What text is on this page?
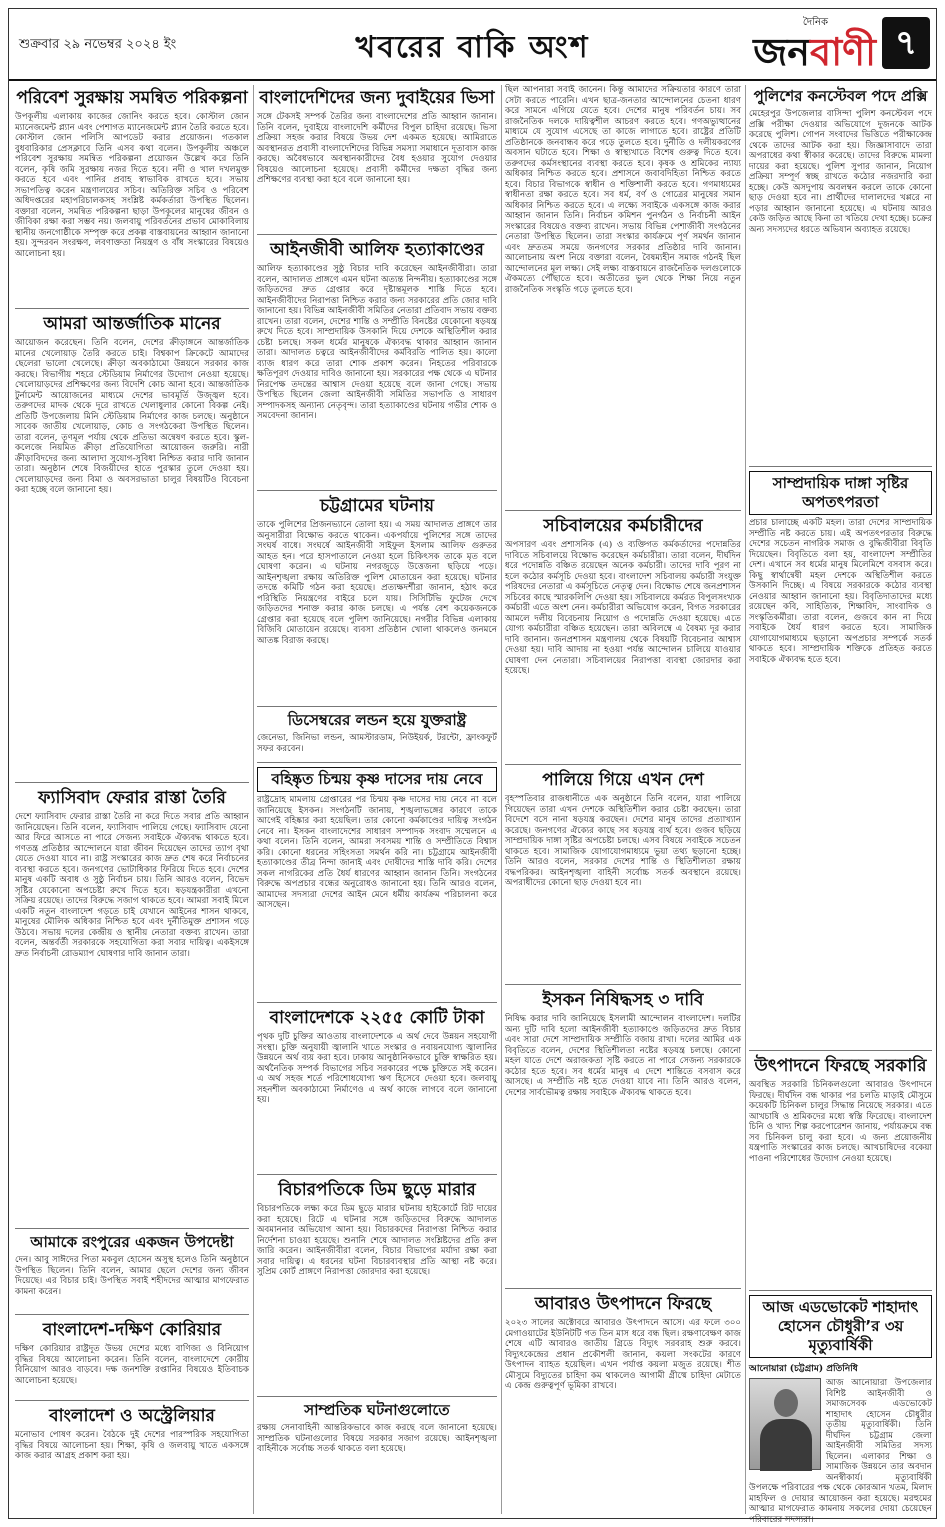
শুক্রবার ২৯ নভেম্বর ২০২৪ ইং	খবরের বাকি অংশ
দৈনিক
জনবাণী ৭
পরিবেশ সুরক্ষায় সমন্বিত পরিকল্পনা
উপকূলীয় এলাকায় কাজের জোনিং করতে হবে। কোস্টাল জোন ম্যানেজমেন্ট প্ল্যান এবং পেশাগত ম্যানেজমেন্ট প্ল্যান তৈরি করতে হবে। কোস্টাল জোন পলিসি আপডেট করার প্রয়োজন। গতকাল বুধবারিকার প্রেসক্লাবে তিনি এসব কথা বলেন। উপকূলীয় অঞ্চলে পরিবেশ সুরক্ষায় সমন্বিত পরিকল্পনা প্রয়োজন উল্লেখ করে তিনি বলেন, কৃষি জমি সুরক্ষায় নজর দিতে হবে। নদী ও খাল দখলমুক্ত করতে হবে এবং পানির প্রবাহ স্বাভাবিক রাখতে হবে। সভায় সভাপতিত্ব করেন মন্ত্রণালয়ের সচিব। অতিরিক্ত সচিব ও পরিবেশ অধিদপ্তরের মহাপরিচালকসহ সংশ্লিষ্ট কর্মকর্তারা উপস্থিত ছিলেন। বক্তারা বলেন, সমন্বিত পরিকল্পনা ছাড়া উপকূলের মানুষের জীবন ও জীবিকা রক্ষা করা সম্ভব নয়। জলবায়ু পরিবর্তনের প্রভাব মোকাবিলায় স্থানীয় জনগোষ্ঠীকে সম্পৃক্ত করে প্রকল্প বাস্তবায়নের আহ্বান জানানো হয়। সুন্দরবন সংরক্ষণ, লবণাক্ততা নিয়ন্ত্রণ ও বাঁধ সংস্কারের বিষয়েও আলোচনা হয়।
আমরা আন্তর্জাতিক মানের
আয়োজন করেছেন। তিনি বলেন, দেশের ক্রীড়াঙ্গনে আন্তর্জাতিক মানের খেলোয়াড় তৈরি করতে চাই। বিশ্বকাপ ক্রিকেটে আমাদের ছেলেরা ভালো খেলেছে। ক্রীড়া অবকাঠামো উন্নয়নে সরকার কাজ করছে। বিভাগীয় শহরে স্টেডিয়াম নির্মাণের উদ্যোগ নেওয়া হয়েছে। খেলোয়াড়দের প্রশিক্ষণের জন্য বিদেশি কোচ আনা হবে। আন্তর্জাতিক টুর্নামেন্ট আয়োজনের মাধ্যমে দেশের ভাবমূর্তি উজ্জ্বল হবে। তরুণদের মাদক থেকে দূরে রাখতে খেলাধুলার কোনো বিকল্প নেই। প্রতিটি উপজেলায় মিনি স্টেডিয়াম নির্মাণের কাজ চলছে। অনুষ্ঠানে সাবেক জাতীয় খেলোয়াড়, কোচ ও সংগঠকেরা উপস্থিত ছিলেন। তারা বলেন, তৃণমূল পর্যায় থেকে প্রতিভা অন্বেষণ করতে হবে। স্কুল-কলেজে নিয়মিত ক্রীড়া প্রতিযোগিতা আয়োজন জরুরি। নারী ক্রীড়াবিদদের জন্য আলাদা সুযোগ-সুবিধা নিশ্চিত করার দাবি জানান তারা। অনুষ্ঠান শেষে বিজয়ীদের হাতে পুরস্কার তুলে দেওয়া হয়। খেলোয়াড়দের জন্য বিমা ও অবসরভাতা চালুর বিষয়টিও বিবেচনা করা হচ্ছে বলে জানানো হয়।
ফ্যাসিবাদ ফেরার রাস্তা তৈরি
দেশে ফ্যাসিবাদ ফেরার রাস্তা তৈরি না করে দিতে সবার প্রতি আহ্বান জানিয়েছেন। তিনি বলেন, ফ্যাসিবাদ পালিয়ে গেছে। ফ্যাসিবাদ যেনো আর ফিরে আসতে না পারে সেজন্য সবাইকে ঐক্যবদ্ধ থাকতে হবে। গণতন্ত্র প্রতিষ্ঠার আন্দোলনে যারা জীবন দিয়েছেন তাদের ত্যাগ বৃথা যেতে দেওয়া যাবে না। রাষ্ট্র সংস্কারের কাজ দ্রুত শেষ করে নির্বাচনের ব্যবস্থা করতে হবে। জনগণের ভোটাধিকার ফিরিয়ে দিতে হবে। দেশের মানুষ একটি অবাধ ও সুষ্ঠু নির্বাচন চায়। তিনি আরও বলেন, বিভেদ সৃষ্টির যেকোনো অপচেষ্টা রুখে দিতে হবে। ষড়যন্ত্রকারীরা এখনো সক্রিয় রয়েছে। তাদের বিরুদ্ধে সজাগ থাকতে হবে। আমরা সবাই মিলে একটি নতুন বাংলাদেশ গড়তে চাই যেখানে আইনের শাসন থাকবে, মানুষের মৌলিক অধিকার নিশ্চিত হবে এবং দুর্নীতিমুক্ত প্রশাসন গড়ে উঠবে। সভায় দলের কেন্দ্রীয় ও স্থানীয় নেতারা বক্তব্য রাখেন। তারা বলেন, অন্তর্বর্তী সরকারকে সহযোগিতা করা সবার দায়িত্ব। একইসঙ্গে দ্রুত নির্বাচনী রোডম্যাপ ঘোষণার দাবি জানান তারা।
আমাকে রংপুরের একজন উপদেষ্টা
দেন। আবু সাঈদের পিতা মকবুল হোসেন অসুস্থ হলেও তিনি অনুষ্ঠানে উপস্থিত ছিলেন। তিনি বলেন, আমার ছেলে দেশের জন্য জীবন দিয়েছে। এর বিচার চাই। উপস্থিত সবাই শহীদদের আত্মার মাগফেরাত কামনা করেন।
বাংলাদেশ-দক্ষিণ কোরিয়ার
দক্ষিণ কোরিয়ার রাষ্ট্রদূত উভয় দেশের মধ্যে বাণিজ্য ও বিনিয়োগ বৃদ্ধির বিষয়ে আলোচনা করেন। তিনি বলেন, বাংলাদেশে কোরীয় বিনিয়োগ আরও বাড়বে। দক্ষ জনশক্তি রপ্তানির বিষয়েও ইতিবাচক আলোচনা হয়েছে।
বাংলাদেশ ও অস্ট্রেলিয়ার
মনোভাব পোষণ করেন। বৈঠকে দুই দেশের পারস্পরিক সহযোগিতা বৃদ্ধির বিষয়ে আলোচনা হয়। শিক্ষা, কৃষি ও জলবায়ু খাতে একসঙ্গে কাজ করার আগ্রহ প্রকাশ করা হয়।
বাংলাদেশিদের জন্য দুবাইয়ের ভিসা
সঙ্গে টেকসই সম্পর্ক তৈরির জন্য বাংলাদেশের প্রতি আহ্বান জানান। তিনি বলেন, দুবাইয়ে বাংলাদেশি কর্মীদের বিপুল চাহিদা রয়েছে। ভিসা প্রক্রিয়া সহজ করার বিষয়ে উভয় দেশ একমত হয়েছে। আমিরাতে অবস্থানরত প্রবাসী বাংলাদেশিদের বিভিন্ন সমস্যা সমাধানে দূতাবাস কাজ করছে। অবৈধভাবে অবস্থানকারীদের বৈধ হওয়ার সুযোগ দেওয়ার বিষয়েও আলোচনা হয়েছে। প্রবাসী কর্মীদের দক্ষতা বৃদ্ধির জন্য প্রশিক্ষণের ব্যবস্থা করা হবে বলে জানানো হয়।
আইনজীবী আলিফ হত্যাকাণ্ডের
আলিফ হত্যাকাণ্ডের সুষ্ঠু বিচার দাবি করেছেন আইনজীবীরা। তারা বলেন, আদালত প্রাঙ্গণে এমন ঘটনা অত্যন্ত নিন্দনীয়। হত্যাকাণ্ডের সঙ্গে জড়িতদের দ্রুত গ্রেপ্তার করে দৃষ্টান্তমূলক শাস্তি দিতে হবে। আইনজীবীদের নিরাপত্তা নিশ্চিত করার জন্য সরকারের প্রতি জোর দাবি জানানো হয়। বিভিন্ন আইনজীবী সমিতির নেতারা প্রতিবাদ সভায় বক্তব্য রাখেন। তারা বলেন, দেশের শান্তি ও সম্প্রীতি বিনষ্টের যেকোনো ষড়যন্ত্র রুখে দিতে হবে। সাম্প্রদায়িক উসকানি দিয়ে দেশকে অস্থিতিশীল করার চেষ্টা চলছে। সকল ধর্মের মানুষকে ঐক্যবদ্ধ থাকার আহ্বান জানান তারা। আদালত চত্বরে আইনজীবীদের কর্মবিরতি পালিত হয়। কালো ব্যাজ ধারণ করে তারা শোক প্রকাশ করেন। নিহতের পরিবারকে ক্ষতিপূরণ দেওয়ার দাবিও জানানো হয়। সরকারের পক্ষ থেকে এ ঘটনার নিরপেক্ষ তদন্তের আশ্বাস দেওয়া হয়েছে বলে জানা গেছে। সভায় উপস্থিত ছিলেন জেলা আইনজীবী সমিতির সভাপতি ও সাধারণ সম্পাদকসহ অন্যান্য নেতৃবৃন্দ। তারা হত্যাকাণ্ডের ঘটনায় গভীর শোক ও সমবেদনা জানান।
চট্টগ্রামের ঘটনায়
তাকে পুলিশের প্রিজনভ্যানে তোলা হয়। এ সময় আদালত প্রাঙ্গণে তার অনুসারীরা বিক্ষোভ করতে থাকেন। একপর্যায়ে পুলিশের সঙ্গে তাদের সংঘর্ষ বাধে। সংঘর্ষে আইনজীবী সাইফুল ইসলাম আলিফ গুরুতর আহত হন। পরে হাসপাতালে নেওয়া হলে চিকিৎসক তাকে মৃত বলে ঘোষণা করেন। এ ঘটনায় নগরজুড়ে উত্তেজনা ছড়িয়ে পড়ে। আইনশৃঙ্খলা রক্ষায় অতিরিক্ত পুলিশ মোতায়েন করা হয়েছে। ঘটনার তদন্তে কমিটি গঠন করা হয়েছে। প্রত্যক্ষদর্শীরা জানান, হঠাৎ করে পরিস্থিতি নিয়ন্ত্রণের বাইরে চলে যায়। সিসিটিভি ফুটেজ দেখে জড়িতদের শনাক্ত করার কাজ চলছে। এ পর্যন্ত বেশ কয়েকজনকে গ্রেপ্তার করা হয়েছে বলে পুলিশ জানিয়েছে। নগরীর বিভিন্ন এলাকায় বিজিবি মোতায়েন রয়েছে। ব্যবসা প্রতিষ্ঠান খোলা থাকলেও জনমনে আতঙ্ক বিরাজ করছে।
ডিসেম্বরের লন্ডন হয়ে যুক্তরাষ্ট্র
জেনেভা, জিনিভা লন্ডন, আমস্টারডাম, নিউইয়র্ক, টরন্টো, ফ্রাংকফুর্ট সফর করবেন।
বহিষ্কৃত চিন্ময় কৃষ্ণ দাসের দায় নেবে
রাষ্ট্রদ্রোহ মামলায় গ্রেপ্তারের পর চিন্ময় কৃষ্ণ দাসের দায় নেবে না বলে জানিয়েছে ইসকন। সংগঠনটি জানায়, শৃঙ্খলাভঙ্গের কারণে তাকে আগেই বহিষ্কার করা হয়েছিল। তার কোনো কর্মকাণ্ডের দায়িত্ব সংগঠন নেবে না। ইসকন বাংলাদেশের সাধারণ সম্পাদক সংবাদ সম্মেলনে এ কথা বলেন। তিনি বলেন, আমরা সবসময় শান্তি ও সম্প্রীতিতে বিশ্বাস করি। কোনো ধরনের সহিংসতা সমর্থন করি না। চট্টগ্রামে আইনজীবী হত্যাকাণ্ডের তীব্র নিন্দা জানাই এবং দোষীদের শাস্তি দাবি করি। দেশের সকল নাগরিকের প্রতি ধৈর্য ধারণের আহ্বান জানান তিনি। সংগঠনের বিরুদ্ধে অপপ্রচার বন্ধের অনুরোধও জানানো হয়। তিনি আরও বলেন, আমাদের সদস্যরা দেশের আইন মেনে ধর্মীয় কার্যক্রম পরিচালনা করে আসছেন।
বাংলাদেশকে ২২৫৫ কোটি টাকা
পৃথক দুটি চুক্তির আওতায় বাংলাদেশকে এ অর্থ দেবে উন্নয়ন সহযোগী সংস্থা। চুক্তি অনুযায়ী জ্বালানি খাতে সংস্কার ও নবায়নযোগ্য জ্বালানির উন্নয়নে অর্থ ব্যয় করা হবে। ঢাকায় আনুষ্ঠানিকভাবে চুক্তি স্বাক্ষরিত হয়। অর্থনৈতিক সম্পর্ক বিভাগের সচিব সরকারের পক্ষে চুক্তিতে সই করেন। এ অর্থ সহজ শর্তে পরিশোধযোগ্য ঋণ হিসেবে দেওয়া হবে। জলবায়ু সহনশীল অবকাঠামো নির্মাণেও এ অর্থ কাজে লাগবে বলে জানানো হয়।
বিচারপতিকে ডিম ছুড়ে মারার
বিচারপতিকে লক্ষ্য করে ডিম ছুড়ে মারার ঘটনায় হাইকোর্টে রিট দায়ের করা হয়েছে। রিটে এ ঘটনার সঙ্গে জড়িতদের বিরুদ্ধে আদালত অবমাননার অভিযোগ আনা হয়। বিচারকদের নিরাপত্তা নিশ্চিত করার নির্দেশনা চাওয়া হয়েছে। শুনানি শেষে আদালত সংশ্লিষ্টদের প্রতি রুল জারি করেন। আইনজীবীরা বলেন, বিচার বিভাগের মর্যাদা রক্ষা করা সবার দায়িত্ব। এ ধরনের ঘটনা বিচারব্যবস্থার প্রতি আস্থা নষ্ট করে। সুপ্রিম কোর্ট প্রাঙ্গণে নিরাপত্তা জোরদার করা হয়েছে।
সাম্প্রতিক ঘটনাগুলোতে
রক্ষায় সেনাবাহিনী আন্তরিকভাবে কাজ করছে বলে জানানো হয়েছে। সাম্প্রতিক ঘটনাগুলোর বিষয়ে সরকার সজাগ রয়েছে। আইনশৃঙ্খলা বাহিনীকে সর্বোচ্চ সতর্ক থাকতে বলা হয়েছে।
ছিল আপনারা সবাই জানেন। কিন্তু আমাদের সক্রিয়তার কারণে তারা সেটা করতে পারেনি। এখন ছাত্র-জনতার আন্দোলনের চেতনা ধারণ করে সামনে এগিয়ে যেতে হবে। দেশের মানুষ পরিবর্তন চায়। সব রাজনৈতিক দলকে দায়িত্বশীল আচরণ করতে হবে। গণঅভ্যুত্থানের মাধ্যমে যে সুযোগ এসেছে তা কাজে লাগাতে হবে। রাষ্ট্রের প্রতিটি প্রতিষ্ঠানকে জনবান্ধব করে গড়ে তুলতে হবে। দুর্নীতি ও দলীয়করণের অবসান ঘটাতে হবে। শিক্ষা ও স্বাস্থ্যখাতে বিশেষ গুরুত্ব দিতে হবে। তরুণদের কর্মসংস্থানের ব্যবস্থা করতে হবে। কৃষক ও শ্রমিকের ন্যায্য অধিকার নিশ্চিত করতে হবে। প্রশাসনে জবাবদিহিতা নিশ্চিত করতে হবে। বিচার বিভাগকে স্বাধীন ও শক্তিশালী করতে হবে। গণমাধ্যমের স্বাধীনতা রক্ষা করতে হবে। সব ধর্ম, বর্ণ ও গোত্রের মানুষের সমান অধিকার নিশ্চিত করতে হবে। এ লক্ষ্যে সবাইকে একসঙ্গে কাজ করার আহ্বান জানান তিনি। নির্বাচন কমিশন পুনর্গঠন ও নির্বাচনী আইন সংস্কারের বিষয়েও বক্তব্য রাখেন। সভায় বিভিন্ন পেশাজীবী সংগঠনের নেতারা উপস্থিত ছিলেন। তারা সংস্কার কার্যক্রমে পূর্ণ সমর্থন জানান এবং দ্রুততম সময়ে জনগণের সরকার প্রতিষ্ঠার দাবি জানান। আলোচনায় অংশ নিয়ে বক্তারা বলেন, বৈষম্যহীন সমাজ গঠনই ছিল আন্দোলনের মূল লক্ষ্য। সেই লক্ষ্য বাস্তবায়নে রাজনৈতিক দলগুলোকে ঐকমত্যে পৌঁছাতে হবে। অতীতের ভুল থেকে শিক্ষা নিয়ে নতুন রাজনৈতিক সংস্কৃতি গড়ে তুলতে হবে।
সচিবালয়ের কর্মচারীদের
অপসারণ এবং প্রশাসনিক (এ) ও ব্যক্তিগত কর্মকর্তাদের পদোন্নতির দাবিতে সচিবালয়ে বিক্ষোভ করেছেন কর্মচারীরা। তারা বলেন, দীর্ঘদিন ধরে পদোন্নতি বঞ্চিত রয়েছেন অনেক কর্মচারী। তাদের দাবি পূরণ না হলে কঠোর কর্মসূচি দেওয়া হবে। বাংলাদেশ সচিবালয় কর্মচারী সংযুক্ত পরিষদের নেতারা এ কর্মসূচিতে নেতৃত্ব দেন। বিক্ষোভ শেষে জনপ্রশাসন সচিবের কাছে স্মারকলিপি দেওয়া হয়। সচিবালয়ে কর্মরত বিপুলসংখ্যক কর্মচারী এতে অংশ নেন। কর্মচারীরা অভিযোগ করেন, বিগত সরকারের আমলে দলীয় বিবেচনায় নিয়োগ ও পদোন্নতি দেওয়া হয়েছে। এতে যোগ্য কর্মচারীরা বঞ্চিত হয়েছেন। তারা অবিলম্বে এ বৈষম্য দূর করার দাবি জানান। জনপ্রশাসন মন্ত্রণালয় থেকে বিষয়টি বিবেচনার আশ্বাস দেওয়া হয়। দাবি আদায় না হওয়া পর্যন্ত আন্দোলন চালিয়ে যাওয়ার ঘোষণা দেন নেতারা। সচিবালয়ের নিরাপত্তা ব্যবস্থা জোরদার করা হয়েছে।
পালিয়ে গিয়ে এখন দেশ
বৃহস্পতিবার রাজধানীতে এক অনুষ্ঠানে তিনি বলেন, যারা পালিয়ে গিয়েছেন তারা এখন দেশকে অস্থিতিশীল করার চেষ্টা করছেন। তারা বিদেশে বসে নানা ষড়যন্ত্র করছেন। দেশের মানুষ তাদের প্রত্যাখ্যান করেছে। জনগণের ঐক্যের কাছে সব ষড়যন্ত্র ব্যর্থ হবে। গুজব ছড়িয়ে সাম্প্রদায়িক দাঙ্গা সৃষ্টির অপচেষ্টা চলছে। এসব বিষয়ে সবাইকে সচেতন থাকতে হবে। সামাজিক যোগাযোগমাধ্যমে ভুয়া তথ্য ছড়ানো হচ্ছে। তিনি আরও বলেন, সরকার দেশের শান্তি ও স্থিতিশীলতা রক্ষায় বদ্ধপরিকর। আইনশৃঙ্খলা বাহিনী সর্বোচ্চ সতর্ক অবস্থানে রয়েছে। অপরাধীদের কোনো ছাড় দেওয়া হবে না।
ইসকন নিষিদ্ধসহ ৩ দাবি
নিষিদ্ধ করার দাবি জানিয়েছে ইসলামী আন্দোলন বাংলাদেশ। দলটির অন্য দুটি দাবি হলো আইনজীবী হত্যাকাণ্ডে জড়িতদের দ্রুত বিচার এবং সারা দেশে সাম্প্রদায়িক সম্প্রীতি বজায় রাখা। দলের আমির এক বিবৃতিতে বলেন, দেশের স্থিতিশীলতা নষ্টের ষড়যন্ত্র চলছে। কোনো মহল যাতে দেশে অরাজকতা সৃষ্টি করতে না পারে সেজন্য সরকারকে কঠোর হতে হবে। সব ধর্মের মানুষ এ দেশে শান্তিতে বসবাস করে আসছে। এ সম্প্রীতি নষ্ট হতে দেওয়া যাবে না। তিনি আরও বলেন, দেশের সার্বভৌমত্ব রক্ষায় সবাইকে ঐক্যবদ্ধ থাকতে হবে।
আবারও উৎপাদনে ফিরছে
২০২৩ সালের অক্টোবরে আবারও উৎপাদনে আসে। এর ফলে ৩০০ মেগাওয়াটের ইউনিটটি গত তিন মাস ধরে বন্ধ ছিল। রক্ষণাবেক্ষণ কাজ শেষে এটি আবারও জাতীয় গ্রিডে বিদ্যুৎ সরবরাহ শুরু করবে। বিদ্যুৎকেন্দ্রের প্রধান প্রকৌশলী জানান, কয়লা সংকটের কারণে উৎপাদন ব্যাহত হয়েছিল। এখন পর্যাপ্ত কয়লা মজুত রয়েছে। শীত মৌসুমে বিদ্যুতের চাহিদা কম থাকলেও আগামী গ্রীষ্মে চাহিদা মেটাতে এ কেন্দ্র গুরুত্বপূর্ণ ভূমিকা রাখবে।
পুলিশের কনস্টেবল পদে প্রক্সি
মেহেরপুর উপজেলার বাসিন্দা পুলিশ কনস্টেবল পদে প্রক্সি পরীক্ষা দেওয়ার অভিযোগে দুজনকে আটক করেছে পুলিশ। গোপন সংবাদের ভিত্তিতে পরীক্ষাকেন্দ্র থেকে তাদের আটক করা হয়। জিজ্ঞাসাবাদে তারা অপরাধের কথা স্বীকার করেছে। তাদের বিরুদ্ধে মামলা দায়ের করা হয়েছে। পুলিশ সুপার জানান, নিয়োগ প্রক্রিয়া সম্পূর্ণ স্বচ্ছ রাখতে কঠোর নজরদারি করা হচ্ছে। কেউ অসদুপায় অবলম্বন করলে তাকে কোনো ছাড় দেওয়া হবে না। প্রার্থীদের দালালদের খপ্পরে না পড়ার আহ্বান জানানো হয়েছে। এ ঘটনায় আরও কেউ জড়িত আছে কিনা তা খতিয়ে দেখা হচ্ছে। চক্রের অন্য সদস্যদের ধরতে অভিযান অব্যাহত রয়েছে।
সাম্প্রদায়িক দাঙ্গা সৃষ্টির অপতৎপরতা
প্রচার চালাচ্ছে একটি মহল। তারা দেশের সাম্প্রদায়িক সম্প্রীতি নষ্ট করতে চায়। এই অপতৎপরতার বিরুদ্ধে দেশের সচেতন নাগরিক সমাজ ও বুদ্ধিজীবীরা বিবৃতি দিয়েছেন। বিবৃতিতে বলা হয়, বাংলাদেশ সম্প্রীতির দেশ। এখানে সব ধর্মের মানুষ মিলেমিশে বসবাস করে। কিছু স্বার্থান্বেষী মহল দেশকে অস্থিতিশীল করতে উসকানি দিচ্ছে। এ বিষয়ে সরকারকে কঠোর ব্যবস্থা নেওয়ার আহ্বান জানানো হয়। বিবৃতিদাতাদের মধ্যে রয়েছেন কবি, সাহিত্যিক, শিক্ষাবিদ, সাংবাদিক ও সংস্কৃতিকর্মীরা। তারা বলেন, গুজবে কান না দিয়ে সবাইকে ধৈর্য ধারণ করতে হবে। সামাজিক যোগাযোগমাধ্যমে ছড়ানো অপপ্রচার সম্পর্কে সতর্ক থাকতে হবে। সাম্প্রদায়িক শক্তিকে প্রতিহত করতে সবাইকে ঐক্যবদ্ধ হতে হবে।
উৎপাদনে ফিরছে সরকারি
অবস্থিত সরকারি চিনিকলগুলো আবারও উৎপাদনে ফিরছে। দীর্ঘদিন বন্ধ থাকার পর চলতি মাড়াই মৌসুমে কয়েকটি চিনিকল চালুর সিদ্ধান্ত নিয়েছে সরকার। এতে আখচাষি ও শ্রমিকদের মধ্যে স্বস্তি ফিরেছে। বাংলাদেশ চিনি ও খাদ্য শিল্প করপোরেশন জানায়, পর্যায়ক্রমে বন্ধ সব চিনিকল চালু করা হবে। এ জন্য প্রয়োজনীয় যন্ত্রপাতি সংস্কারের কাজ চলছে। আখচাষিদের বকেয়া পাওনা পরিশোধের উদ্যোগ নেওয়া হয়েছে।
আজ এডভোকেট শাহাদাৎ হোসেন চৌধুরী’র ৩য় মৃত্যুবার্ষিকী
আনোয়ারা (চট্টগ্রাম) প্রতিনিধি
আজ আনোয়ারা উপজেলার বিশিষ্ট আইনজীবী ও সমাজসেবক এডভোকেট শাহাদাৎ হোসেন চৌধুরীর তৃতীয় মৃত্যুবার্ষিকী। তিনি দীর্ঘদিন চট্টগ্রাম জেলা আইনজীবী সমিতির সদস্য ছিলেন। এলাকার শিক্ষা ও সামাজিক উন্নয়নে তার অবদান অনস্বীকার্য। মৃত্যুবার্ষিকী উপলক্ষে পরিবারের পক্ষ থেকে কোরআন খতম, মিলাদ মাহফিল ও দোয়ার আয়োজন করা হয়েছে। মরহুমের আত্মার মাগফেরাত কামনায় সকলের দোয়া চেয়েছেন পরিবারের সদস্যরা।
